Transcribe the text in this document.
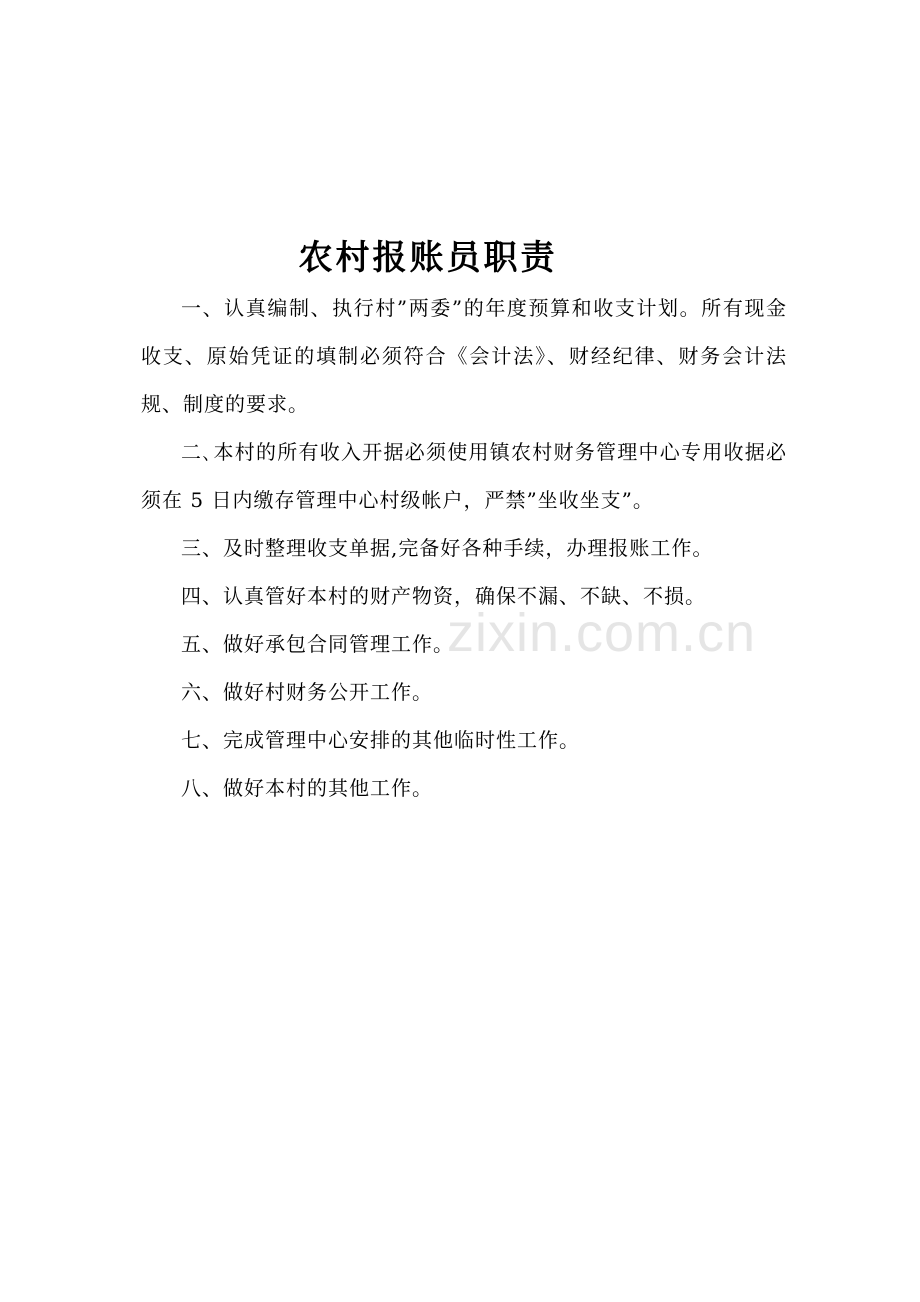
农村报账员职责

一、认真编制、执行村”两委”的年度预算和收支计划。所有现金收支、原始凭证的填制必须符合《会计法》、财经纪律、财务会计法规、制度的要求。

二､本村的所有收入开据必须使用镇农村财务管理中心专用收据必须在 5 日内缴存管理中心村级帐户，严禁”坐收坐支”。

三、及时整理收支单据,完备好各种手续，办理报账工作。

四、认真管好本村的财产物资，确保不漏、不缺、不损。

五、做好承包合同管理工作。

六、做好村财务公开工作。

七、完成管理中心安排的其他临时性工作。

八、做好本村的其他工作。

zixin.com.cn
